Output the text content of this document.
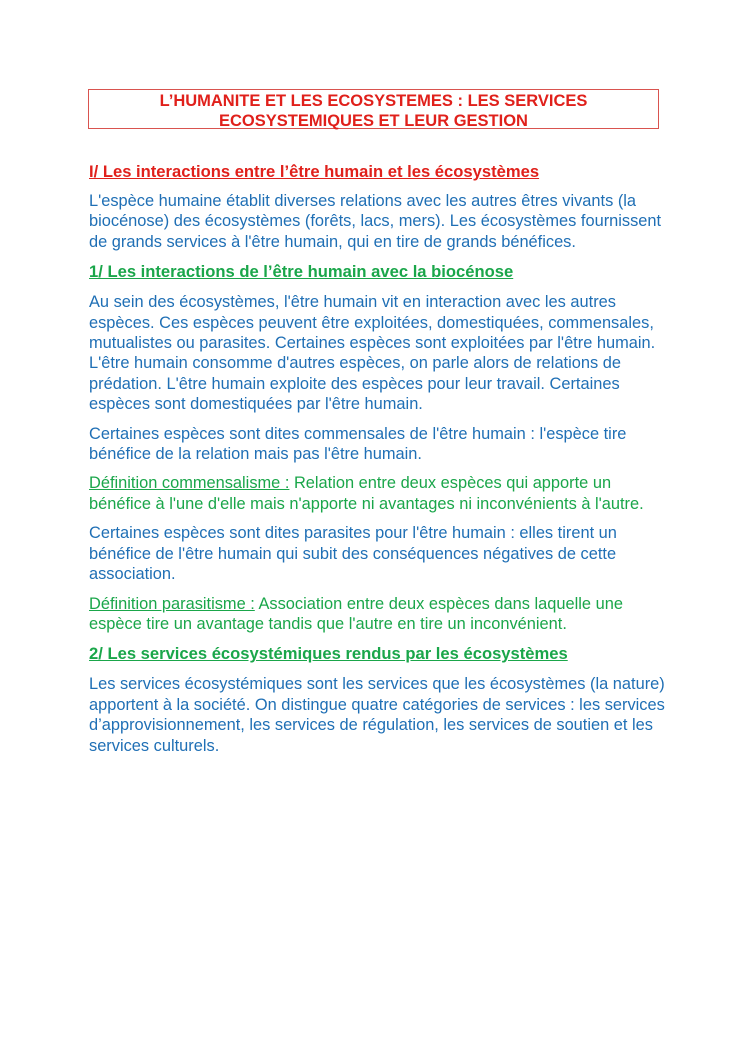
L’HUMANITE ET LES ECOSYSTEMES : LES SERVICES
ECOSYSTEMIQUES ET LEUR GESTION
I/ Les interactions entre l’être humain et les écosystèmes

L'espèce humaine établit diverses relations avec les autres êtres vivants (la biocénose) des écosystèmes (forêts, lacs, mers). Les écosystèmes fournissent de grands services à l'être humain, qui en tire de grands bénéfices.

1/ Les interactions de l’être humain avec la biocénose

Au sein des écosystèmes, l'être humain vit en interaction avec les autres espèces. Ces espèces peuvent être exploitées, domestiquées, commensales, mutualistes ou parasites. Certaines espèces sont exploitées par l'être humain. L'être humain consomme d'autres espèces, on parle alors de relations de prédation. L'être humain exploite des espèces pour leur travail. Certaines espèces sont domestiquées par l'être humain.

Certaines espèces sont dites commensales de l'être humain : l'espèce tire bénéfice de la relation mais pas l'être humain.

Définition commensalisme : Relation entre deux espèces qui apporte un bénéfice à l'une d'elle mais n'apporte ni avantages ni inconvénients à l'autre.

Certaines espèces sont dites parasites pour l'être humain : elles tirent un bénéfice de l'être humain qui subit des conséquences négatives de cette association.

Définition parasitisme : Association entre deux espèces dans laquelle une espèce tire un avantage tandis que l'autre en tire un inconvénient.

2/ Les services écosystémiques rendus par les écosystèmes

Les services écosystémiques sont les services que les écosystèmes (la nature) apportent à la société. On distingue quatre catégories de services : les services d’approvisionnement, les services de régulation, les services de soutien et les services culturels.
